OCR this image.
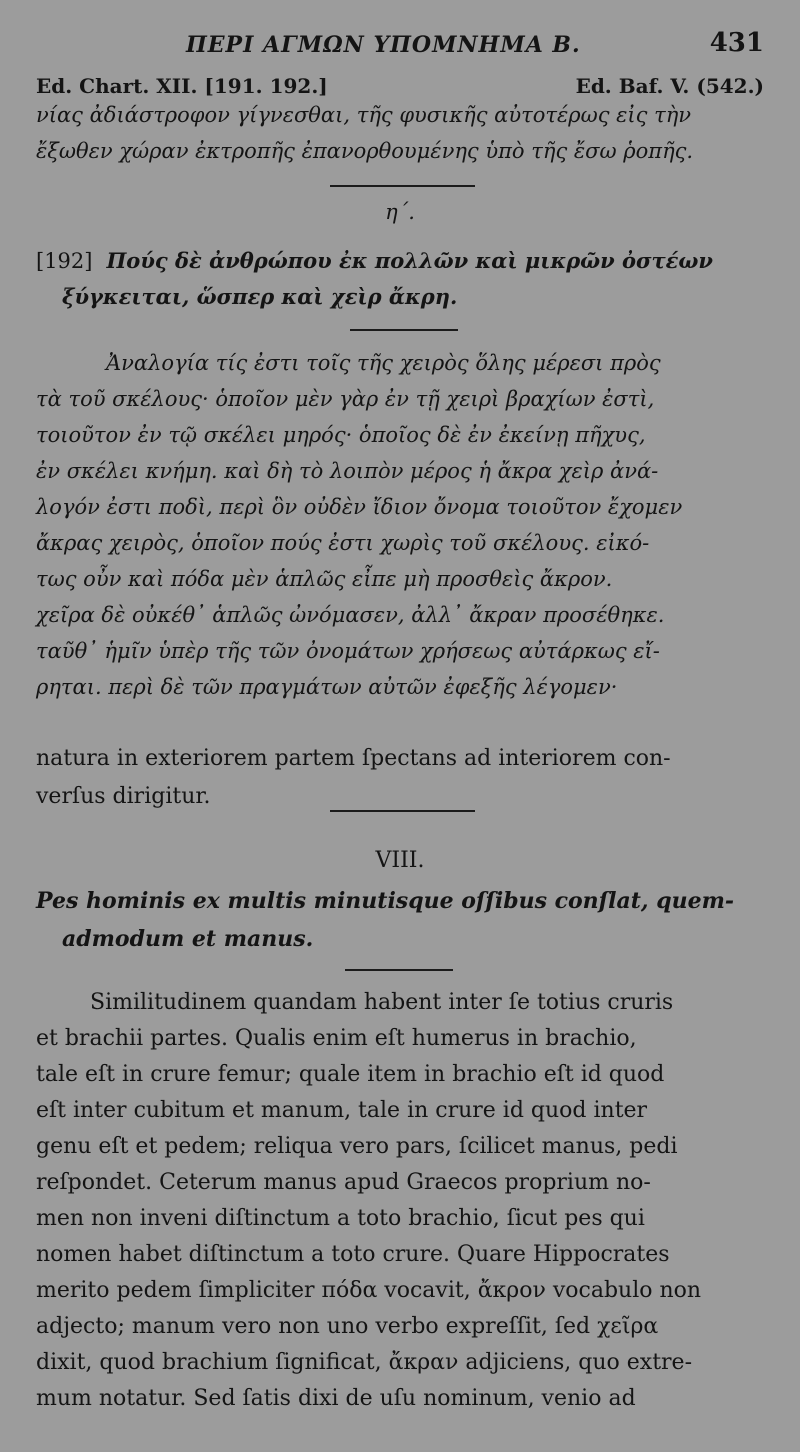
ΠΕΡΙ ΑΓΜΩΝ ΥΠΟΜΝΗΜΑ Β.	431
Ed. Chart. XII. [191. 192.]	Ed. Baf. V. (542.)
νίας ἀδιάστροφον γίγνεσθαι, τῆς φυσικῆς αὐτοτέρως εἰς τὴν
ἔξωθεν χώραν ἐκτροπῆς ἐπανορθουμένης ὑπὸ τῆς ἔσω ῥοπῆς.
η΄.
[192] Πούς δὲ ἀνθρώπου ἐκ πολλῶν καὶ μικρῶν ὀστέων
ξύγκειται, ὥσπερ καὶ χεὶρ ἄκρη.
Ἀναλογία τίς ἐστι τοῖς τῆς χειρὸς ὅλης μέρεσι πρὸς
τὰ τοῦ σκέλους· ὁποῖον μὲν γὰρ ἐν τῇ χειρὶ βραχίων ἐστὶ,
τοιοῦτον ἐν τῷ σκέλει μηρός· ὁποῖος δὲ ἐν ἐκείνῃ πῆχυς,
ἐν σκέλει κνήμη. καὶ δὴ τὸ λοιπὸν μέρος ἡ ἄκρα χεὶρ ἀνά-
λογόν ἐστι ποδὶ, περὶ ὃν οὐδὲν ἴδιον ὄνομα τοιοῦτον ἔχομεν
ἄκρας χειρὸς, ὁποῖον πούς ἐστι χωρὶς τοῦ σκέλους. εἰκό-
τως οὖν καὶ πόδα μὲν ἁπλῶς εἶπε μὴ προσθεὶς ἄκρον.
χεῖρα δὲ οὐκέθ᾽ ἁπλῶς ὠνόμασεν, ἀλλ᾽ ἄκραν προσέθηκε.
ταῦθ᾽ ἡμῖν ὑπὲρ τῆς τῶν ὀνομάτων χρήσεως αὐτάρκως εἴ-
ρηται. περὶ δὲ τῶν πραγμάτων αὐτῶν ἐφεξῆς λέγομεν·
natura in exteriorem partem ſpectans ad interiorem con-
verſus dirigitur.
VIII.
Pes hominis ex multis minutisque oſſibus conſlat, quem-
admodum et manus.
Similitudinem quandam habent inter ſe totius cruris
et brachii partes. Qualis enim eſt humerus in brachio,
tale eſt in crure femur; quale item in brachio eſt id quod
eſt inter cubitum et manum, tale in crure id quod inter
genu eſt et pedem; reliqua vero pars, ſcilicet manus, pedi
reſpondet. Ceterum manus apud Graecos proprium no-
men non inveni diſtinctum a toto brachio, ſicut pes qui
nomen habet diſtinctum a toto crure. Quare Hippocrates
merito pedem ſimpliciter πόδα vocavit, ἄκρον vocabulo non
adjecto; manum vero non uno verbo expreſſit, ſed χεῖρα
dixit, quod brachium ſignificat, ἄκραν adjiciens, quo extre-
mum notatur. Sed ſatis dixi de uſu nominum, venio ad
